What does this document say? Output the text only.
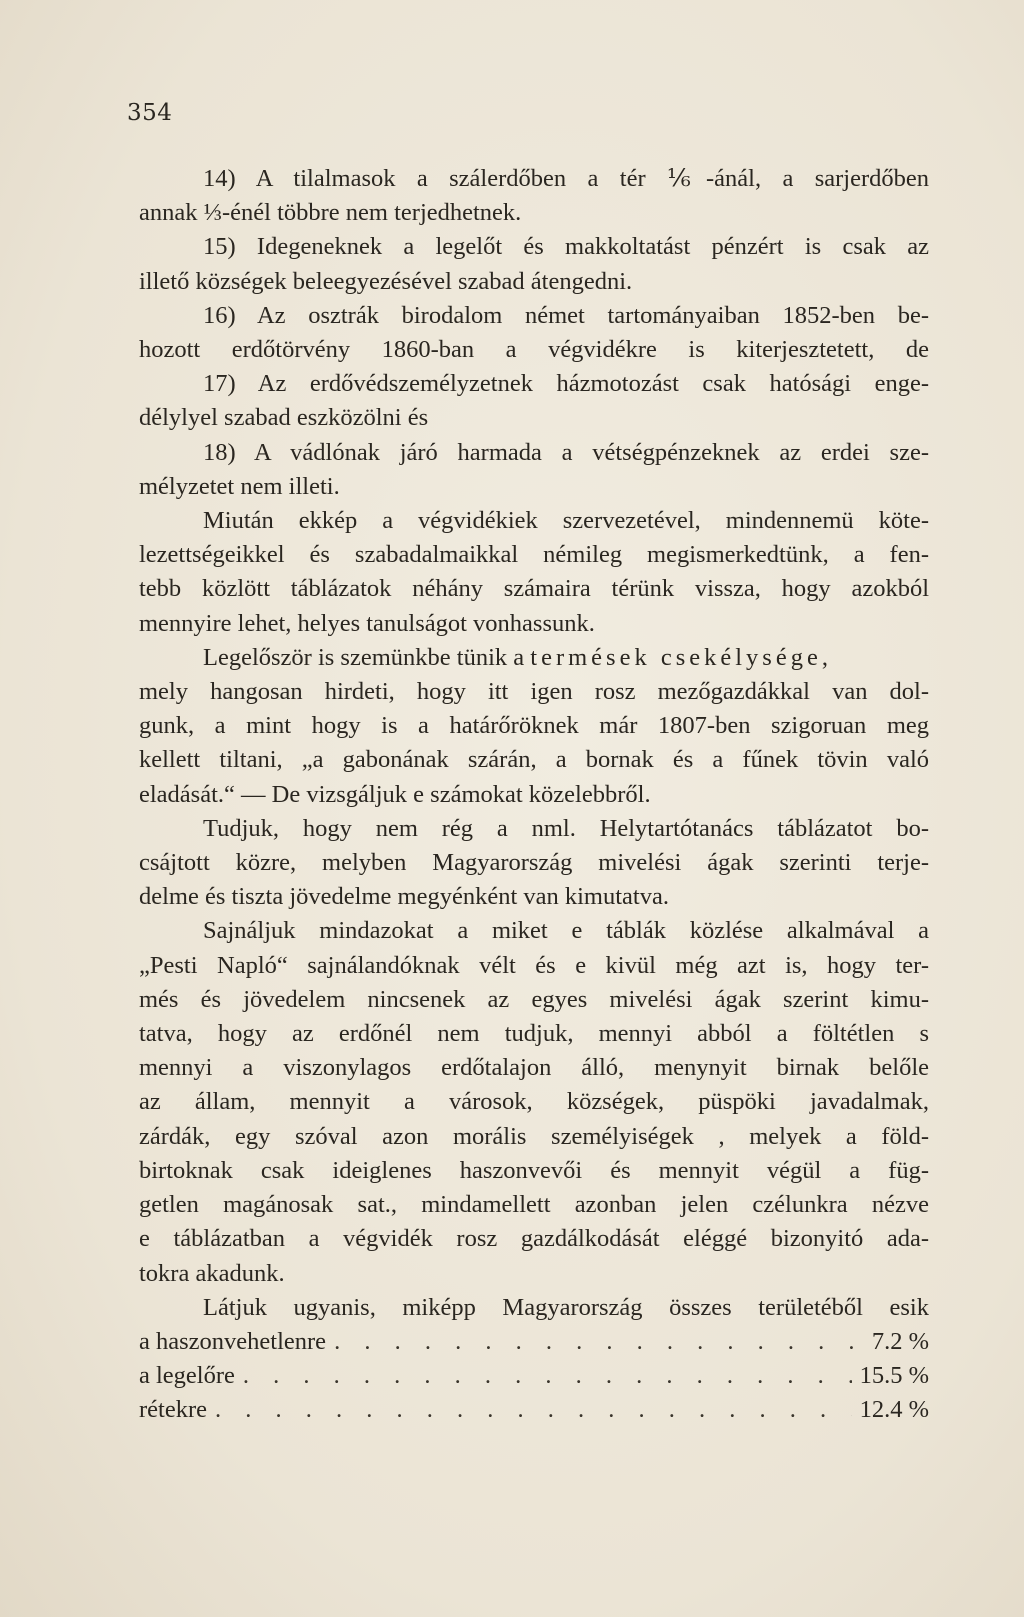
354
14) A tilalmasok a szálerdőben a tér ⅙-ánál, a sarjerdőben
annak ⅓-énél többre nem terjedhetnek.
15) Idegeneknek a legelőt és makkoltatást pénzért is csak az
illető községek beleegyezésével szabad átengedni.
16) Az osztrák birodalom német tartományaiban 1852-ben be-
hozott erdőtörvény 1860-ban a végvidékre is kiterjesztetett, de
17) Az erdővédszemélyzetnek házmotozást csak hatósági enge-
délylyel szabad eszközölni és
18) A vádlónak járó harmada a vétségpénzeknek az erdei sze-
mélyzetet nem illeti.
Miután ekkép a végvidékiek szervezetével, mindennemü köte-
lezettségeikkel és szabadalmaikkal némileg megismerkedtünk, a fen-
tebb közlött táblázatok néhány számaira térünk vissza, hogy azokból
mennyire lehet, helyes tanulságot vonhassunk.
Legelőször is szemünkbe tünik a termések csekélysége,
mely hangosan hirdeti, hogy itt igen rosz mezőgazdákkal van dol-
gunk, a mint hogy is a határőröknek már 1807-ben szigoruan meg
kellett tiltani, „a gabonának szárán, a bornak és a fűnek tövin való
eladását.“ — De vizsgáljuk e számokat közelebbről.
Tudjuk, hogy nem rég a nml. Helytartótanács táblázatot bo-
csájtott közre, melyben Magyarország mivelési ágak szerinti terje-
delme és tiszta jövedelme megyénként van kimutatva.
Sajnáljuk mindazokat a miket e táblák közlése alkalmával a
„Pesti Napló“ sajnálandóknak vélt és e kivül még azt is, hogy ter-
més és jövedelem nincsenek az egyes mivelési ágak szerint kimu-
tatva, hogy az erdőnél nem tudjuk, mennyi abból a föltétlen s
mennyi a viszonylagos erdőtalajon álló, menynyit birnak belőle
az állam, mennyit a városok, községek, püspöki javadalmak,
zárdák, egy szóval azon morális személyiségek , melyek a föld-
birtoknak csak ideiglenes haszonvevői és mennyit végül a füg-
getlen magánosak sat., mindamellett azonban jelen czélunkra nézve
e táblázatban a végvidék rosz gazdálkodását eléggé bizonyitó ada-
tokra akadunk.
Látjuk ugyanis, miképp Magyarország összes területéből esik
a haszonvehetlenre . . .	7.2 %
a legelőre . . .	15.5 %
rétekre . . .	12.4 %
